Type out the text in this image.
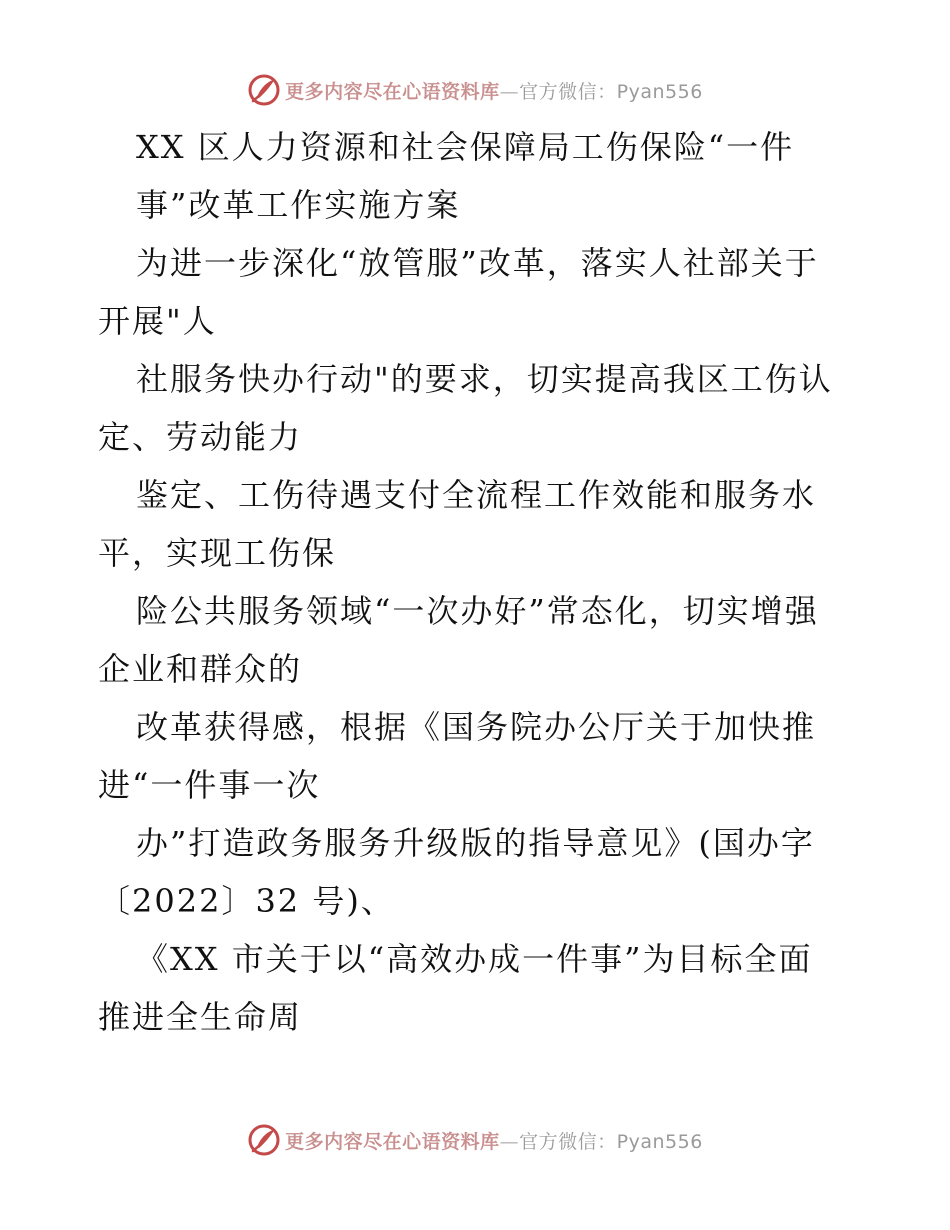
更多内容尽在心语资料库—官方微信：Pyan556
XX 区人力资源和社会保障局工伤保险“一件
事”改革工作实施方案
为进一步深化“放管服”改革，落实人社部关于
开展"人
社服务快办行动"的要求，切实提高我区工伤认
定、劳动能力
鉴定、工伤待遇支付全流程工作效能和服务水
平，实现工伤保
险公共服务领域“一次办好”常态化，切实增强
企业和群众的
改革获得感，根据《国务院办公厅关于加快推
进“一件事一次
办”打造政务服务升级版的指导意见》(国办字
〔2022〕32 号)、
《XX 市关于以“高效办成一件事”为目标全面
推进全生命周
更多内容尽在心语资料库—官方微信：Pyan556
